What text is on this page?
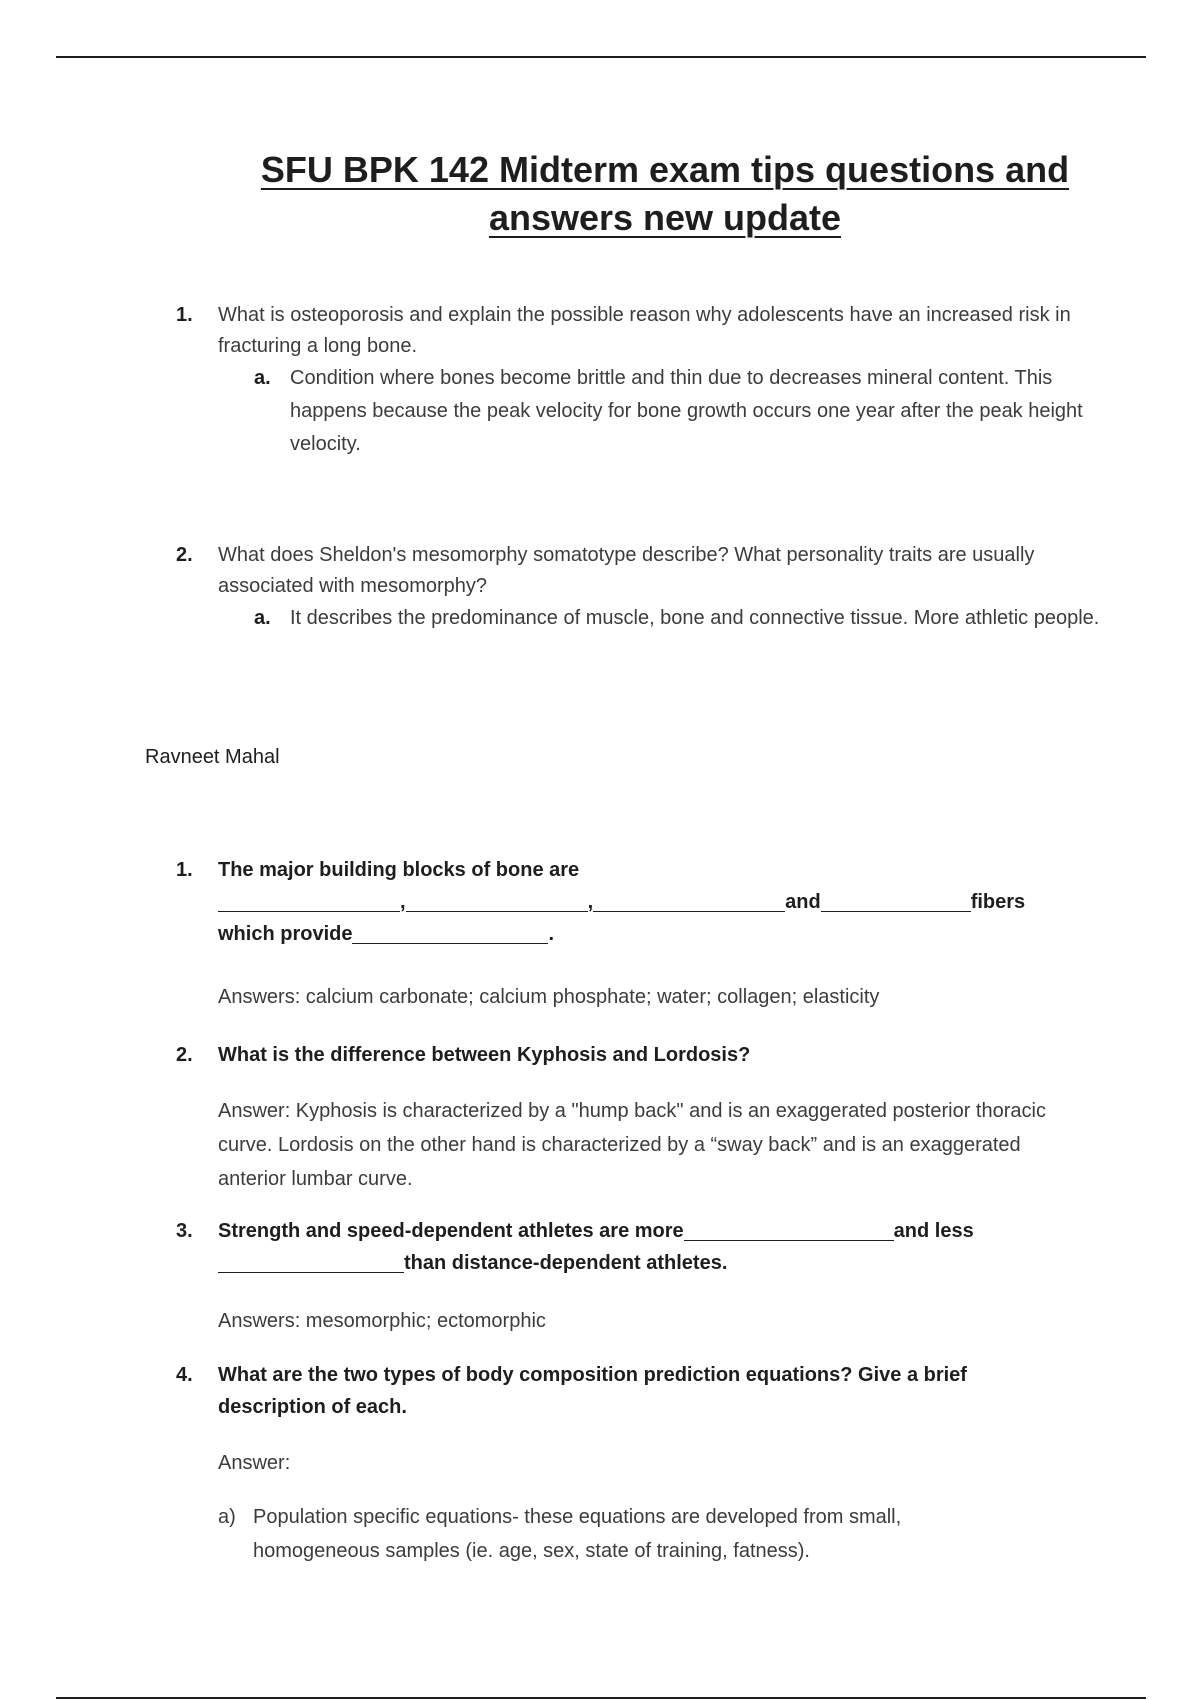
SFU BPK 142 Midterm exam tips questions and
answers new update
1.	What is osteoporosis and explain the possible reason why adolescents have an increased risk in fracturing a long bone.
a. Condition where bones become brittle and thin due to decreases mineral content. This happens because the peak velocity for bone growth occurs one year after the peak height velocity.
2.	What does Sheldon's mesomorphy somatotype describe? What personality traits are usually associated with mesomorphy?
a. It describes the predominance of muscle, bone and connective tissue. More athletic people.
Ravneet Mahal
1.	The major building blocks of bone are
,	,	and	fibers
which provide	.
Answers: calcium carbonate; calcium phosphate; water; collagen; elasticity
2.	What is the difference between Kyphosis and Lordosis?
Answer: Kyphosis is characterized by a "hump back" and is an exaggerated posterior thoracic curve. Lordosis on the other hand is characterized by a “sway back” and is an exaggerated anterior lumbar curve.
3.	Strength and speed-dependent athletes are more	and less
than distance-dependent athletes.
Answers: mesomorphic; ectomorphic
4.	What are the two types of body composition prediction equations? Give a brief description of each.
Answer:
a) Population specific equations- these equations are developed from small, homogeneous samples (ie. age, sex, state of training, fatness).
